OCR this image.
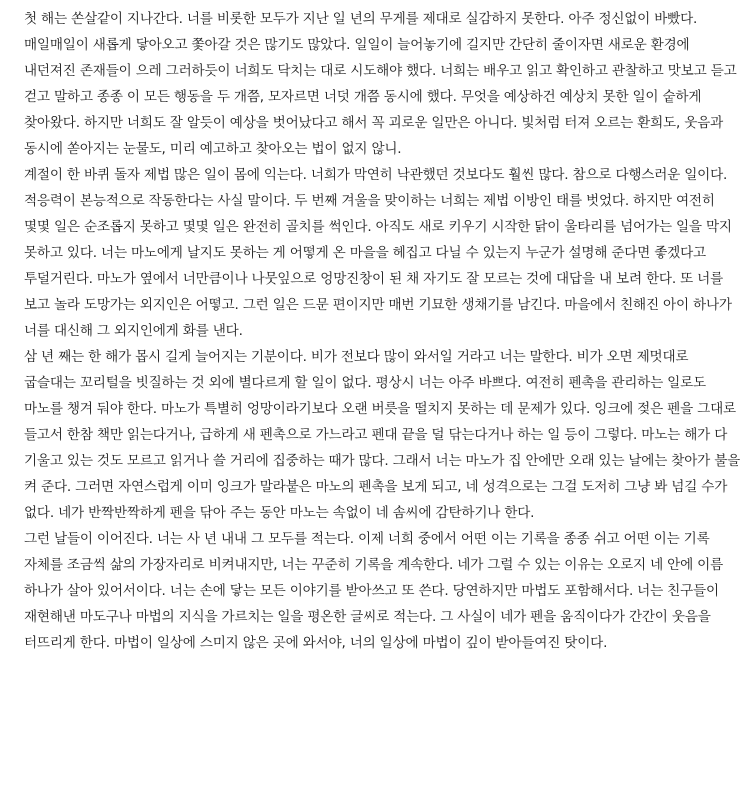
첫 해는 쏜살같이 지나간다. 너를 비롯한 모두가 지난 일 년의 무게를 제대로 실감하지 못한다. 아주 정신없이 바빴다. 매일매일이 새롭게 닿아오고 쫓아갈 것은 많기도 많았다. 일일이 늘어놓기에 길지만 간단히 줄이자면 새로운 환경에 내던져진 존재들이 으레 그러하듯이 너희도 닥치는 대로 시도해야 했다. 너희는 배우고 읽고 확인하고 관찰하고 맛보고 듣고 걷고 말하고 종종 이 모든 행동을 두 개쯤, 모자르면 너덧 개쯤 동시에 했다. 무엇을 예상하건 예상치 못한 일이 숱하게 찾아왔다. 하지만 너희도 잘 알듯이 예상을 벗어났다고 해서 꼭 괴로운 일만은 아니다. 빛처럼 터져 오르는 환희도, 웃음과 동시에 쏟아지는 눈물도, 미리 예고하고 찾아오는 법이 없지 않니.

계절이 한 바퀴 돌자 제법 많은 일이 몸에 익는다. 너희가 막연히 낙관했던 것보다도 훨씬 많다. 참으로 다행스러운 일이다. 적응력이 본능적으로 작동한다는 사실 말이다. 두 번째 겨울을 맞이하는 너희는 제법 이방인 태를 벗었다. 하지만 여전히 몇몇 일은 순조롭지 못하고 몇몇 일은 완전히 골치를 썩인다. 아직도 새로 키우기 시작한 닭이 울타리를 넘어가는 일을 막지 못하고 있다. 너는 마노에게 날지도 못하는 게 어떻게 온 마을을 헤집고 다닐 수 있는지 누군가 설명해 준다면 좋겠다고 투덜거린다. 마노가 옆에서 너만큼이나 나뭇잎으로 엉망진창이 된 채 자기도 잘 모르는 것에 대답을 내 보려 한다. 또 너를 보고 놀라 도망가는 외지인은 어떻고. 그런 일은 드문 편이지만 매번 기묘한 생채기를 남긴다. 마을에서 친해진 아이 하나가 너를 대신해 그 외지인에게 화를 낸다.

삼 년 째는 한 해가 몹시 길게 늘어지는 기분이다. 비가 전보다 많이 와서일 거라고 너는 말한다. 비가 오면 제멋대로 굽슬대는 꼬리털을 빗질하는 것 외에 별다르게 할 일이 없다. 평상시 너는 아주 바쁘다. 여전히 펜촉을 관리하는 일로도 마노를 챙겨 둬야 한다. 마노가 특별히 엉망이라기보다 오랜 버릇을 떨치지 못하는 데 문제가 있다. 잉크에 젖은 펜을 그대로 들고서 한참 책만 읽는다거나, 급하게 새 펜촉으로 가느라고 펜대 끝을 덜 닦는다거나 하는 일 등이 그렇다. 마노는 해가 다 기울고 있는 것도 모르고 읽거나 쓸 거리에 집중하는 때가 많다. 그래서 너는 마노가 집 안에만 오래 있는 날에는 찾아가 불을 켜 준다. 그러면 자연스럽게 이미 잉크가 말라붙은 마노의 펜촉을 보게 되고, 네 성격으로는 그걸 도저히 그냥 봐 넘길 수가 없다. 네가 반짝반짝하게 펜을 닦아 주는 동안 마노는 속없이 네 솜씨에 감탄하기나 한다.

그런 날들이 이어진다. 너는 사 년 내내 그 모두를 적는다. 이제 너희 중에서 어떤 이는 기록을 종종 쉬고 어떤 이는 기록 자체를 조금씩 삶의 가장자리로 비켜내지만, 너는 꾸준히 기록을 계속한다. 네가 그럴 수 있는 이유는 오로지 네 안에 이름 하나가 살아 있어서이다. 너는 손에 닿는 모든 이야기를 받아쓰고 또 쓴다. 당연하지만 마법도 포함해서다. 너는 친구들이 재현해낸 마도구나 마법의 지식을 가르치는 일을 평온한 글씨로 적는다. 그 사실이 네가 펜을 움직이다가 간간이 웃음을 터뜨리게 한다. 마법이 일상에 스미지 않은 곳에 와서야, 너의 일상에 마법이 깊이 받아들여진 탓이다.
